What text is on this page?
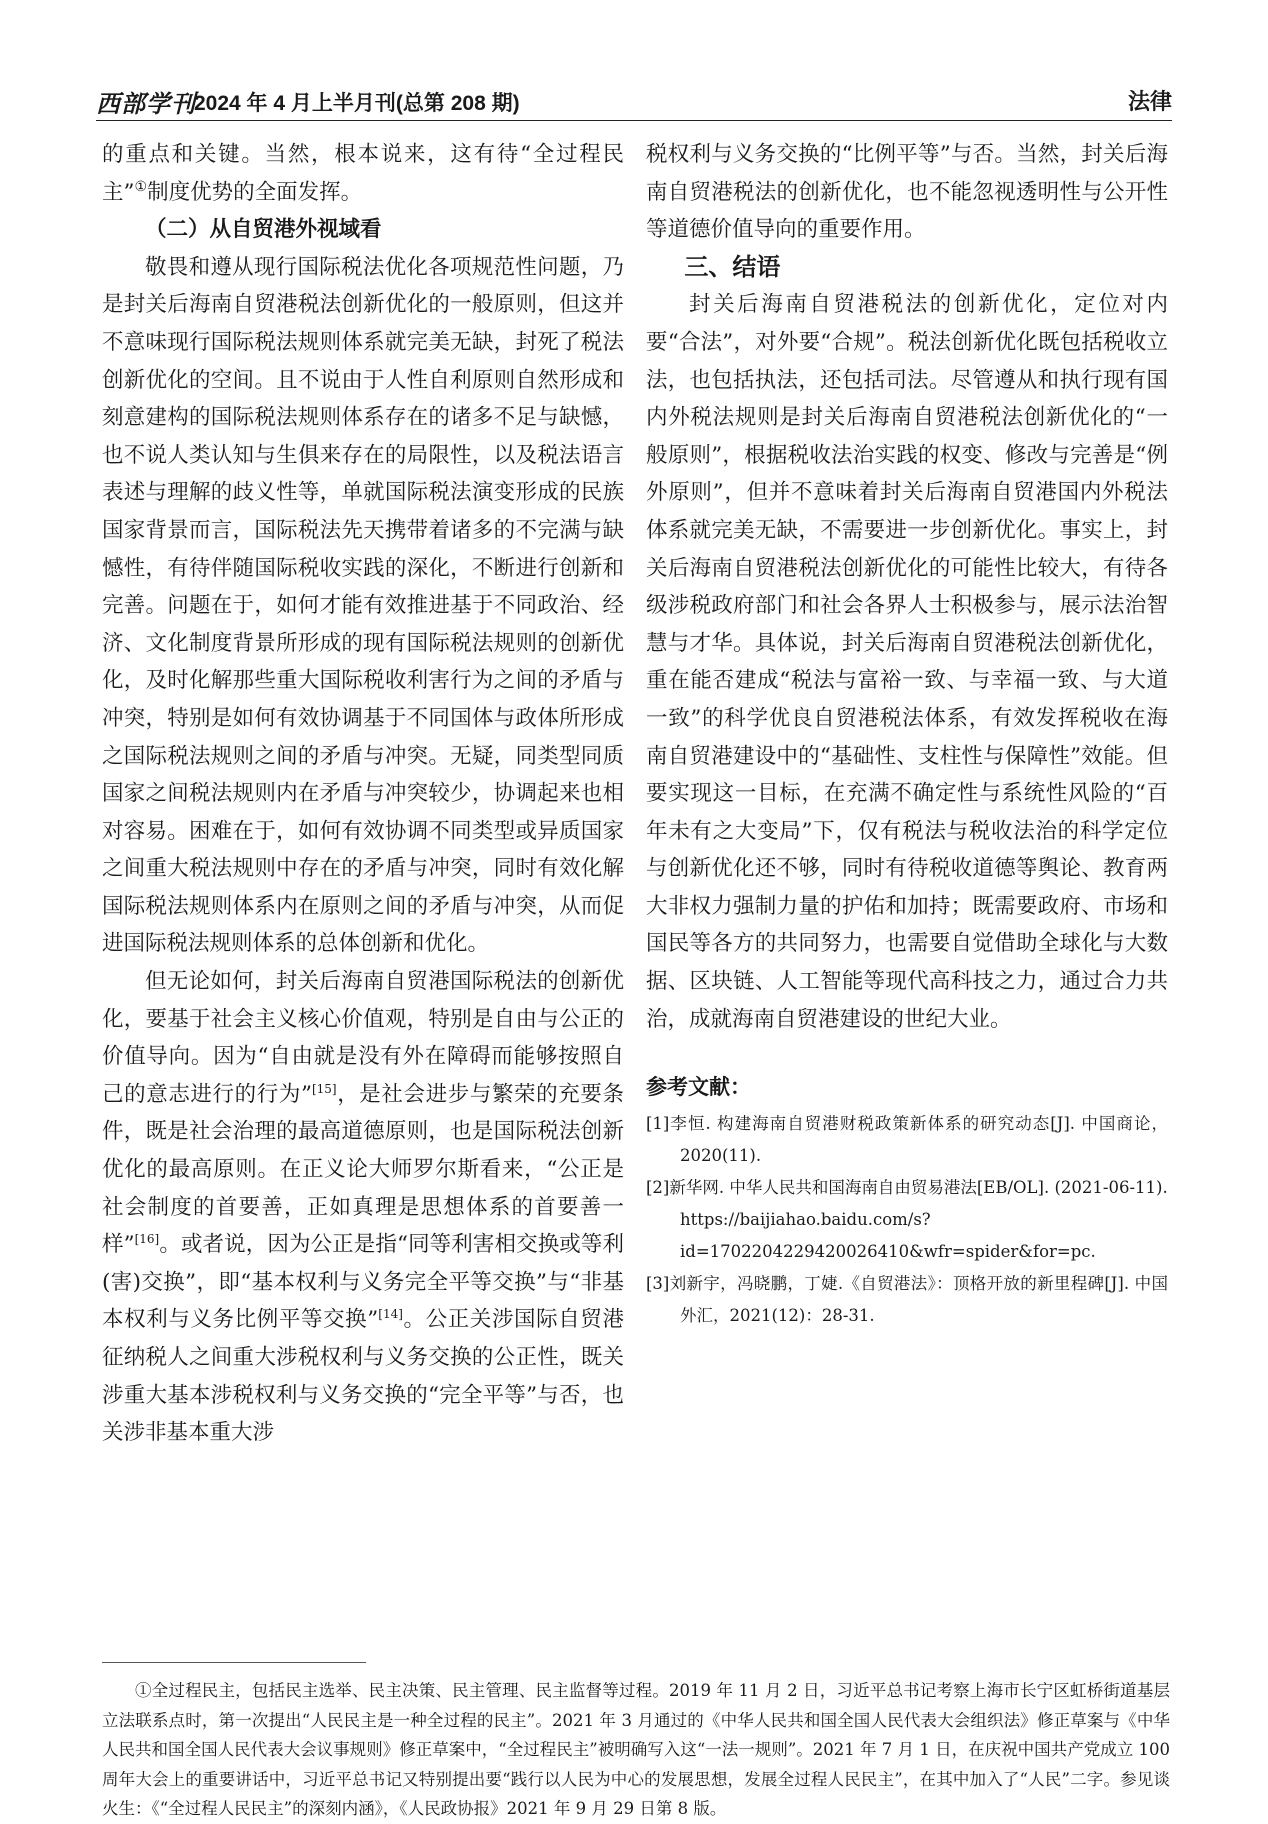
西部学刊
2024 年 4 月上半月刊(总第 208 期)	法律

的重点和关键。当然，根本说来，这有待“全过程民主”①制度优势的全面发挥。

（二）从自贸港外视域看

敬畏和遵从现行国际税法优化各项规范性问题，乃是封关后海南自贸港税法创新优化的一般原则，但这并不意味现行国际税法规则体系就完美无缺，封死了税法创新优化的空间。且不说由于人性自利原则自然形成和刻意建构的国际税法规则体系存在的诸多不足与缺憾，也不说人类认知与生俱来存在的局限性，以及税法语言表述与理解的歧义性等，单就国际税法演变形成的民族国家背景而言，国际税法先天携带着诸多的不完满与缺憾性，有待伴随国际税收实践的深化，不断进行创新和完善。问题在于，如何才能有效推进基于不同政治、经济、文化制度背景所形成的现有国际税法规则的创新优化，及时化解那些重大国际税收利害行为之间的矛盾与冲突，特别是如何有效协调基于不同国体与政体所形成之国际税法规则之间的矛盾与冲突。无疑，同类型同质国家之间税法规则内在矛盾与冲突较少，协调起来也相对容易。困难在于，如何有效协调不同类型或异质国家之间重大税法规则中存在的矛盾与冲突，同时有效化解国际税法规则体系内在原则之间的矛盾与冲突，从而促进国际税法规则体系的总体创新和优化。

但无论如何，封关后海南自贸港国际税法的创新优化，要基于社会主义核心价值观，特别是自由与公正的价值导向。因为“自由就是没有外在障碍而能够按照自己的意志进行的行为”[15]，是社会进步与繁荣的充要条件，既是社会治理的最高道德原则，也是国际税法创新优化的最高原则。在正义论大师罗尔斯看来，“公正是社会制度的首要善，正如真理是思想体系的首要善一样”[16]。或者说，因为公正是指“同等利害相交换或等利(害)交换”，即“基本权利与义务完全平等交换”与“非基本权利与义务比例平等交换”[14]。公正关涉国际自贸港征纳税人之间重大涉税权利与义务交换的公正性，既关涉重大基本涉税权利与义务交换的“完全平等”与否，也关涉非基本重大涉

税权利与义务交换的“比例平等”与否。当然，封关后海南自贸港税法的创新优化，也不能忽视透明性与公开性等道德价值导向的重要作用。

三、结语

封关后海南自贸港税法的创新优化，定位对内要“合法”，对外要“合规”。税法创新优化既包括税收立法，也包括执法，还包括司法。尽管遵从和执行现有国内外税法规则是封关后海南自贸港税法创新优化的“一般原则”，根据税收法治实践的权变、修改与完善是“例外原则”，但并不意味着封关后海南自贸港国内外税法体系就完美无缺，不需要进一步创新优化。事实上，封关后海南自贸港税法创新优化的可能性比较大，有待各级涉税政府部门和社会各界人士积极参与，展示法治智慧与才华。具体说，封关后海南自贸港税法创新优化，重在能否建成“税法与富裕一致、与幸福一致、与大道一致”的科学优良自贸港税法体系，有效发挥税收在海南自贸港建设中的“基础性、支柱性与保障性”效能。但要实现这一目标，在充满不确定性与系统性风险的“百年未有之大变局”下，仅有税法与税收法治的科学定位与创新优化还不够，同时有待税收道德等舆论、教育两大非权力强制力量的护佑和加持；既需要政府、市场和国民等各方的共同努力，也需要自觉借助全球化与大数据、区块链、人工智能等现代高科技之力，通过合力共治，成就海南自贸港建设的世纪大业。

参考文献：
[1]李恒. 构建海南自贸港财税政策新体系的研究动态[J]. 中国商论，2020(11).
[2]新华网. 中华人民共和国海南自由贸易港法[EB/OL]. (2021-06-11).
https://baijiahao.baidu.com/s?id=1702204229420026410&wfr=spider&for=pc.
[3]刘新宇，冯晓鹏，丁婕.《自贸港法》：顶格开放的新里程碑[J]. 中国外汇，2021(12)：28-31.
①全过程民主，包括民主选举、民主决策、民主管理、民主监督等过程。2019 年 11 月 2 日，习近平总书记考察上海市长宁区虹桥街道基层立法联系点时，第一次提出“人民民主是一种全过程的民主”。2021 年 3 月通过的《中华人民共和国全国人民代表大会组织法》修正草案与《中华人民共和国全国人民代表大会议事规则》修正草案中，“全过程民主”被明确写入这“一法一规则”。2021 年 7 月 1 日，在庆祝中国共产党成立 100 周年大会上的重要讲话中，习近平总书记又特别提出要“践行以人民为中心的发展思想，发展全过程人民民主”，在其中加入了“人民”二字。参见谈火生：《“全过程人民民主”的深刻内涵》，《人民政协报》2021 年 9 月 29 日第 8 版。
